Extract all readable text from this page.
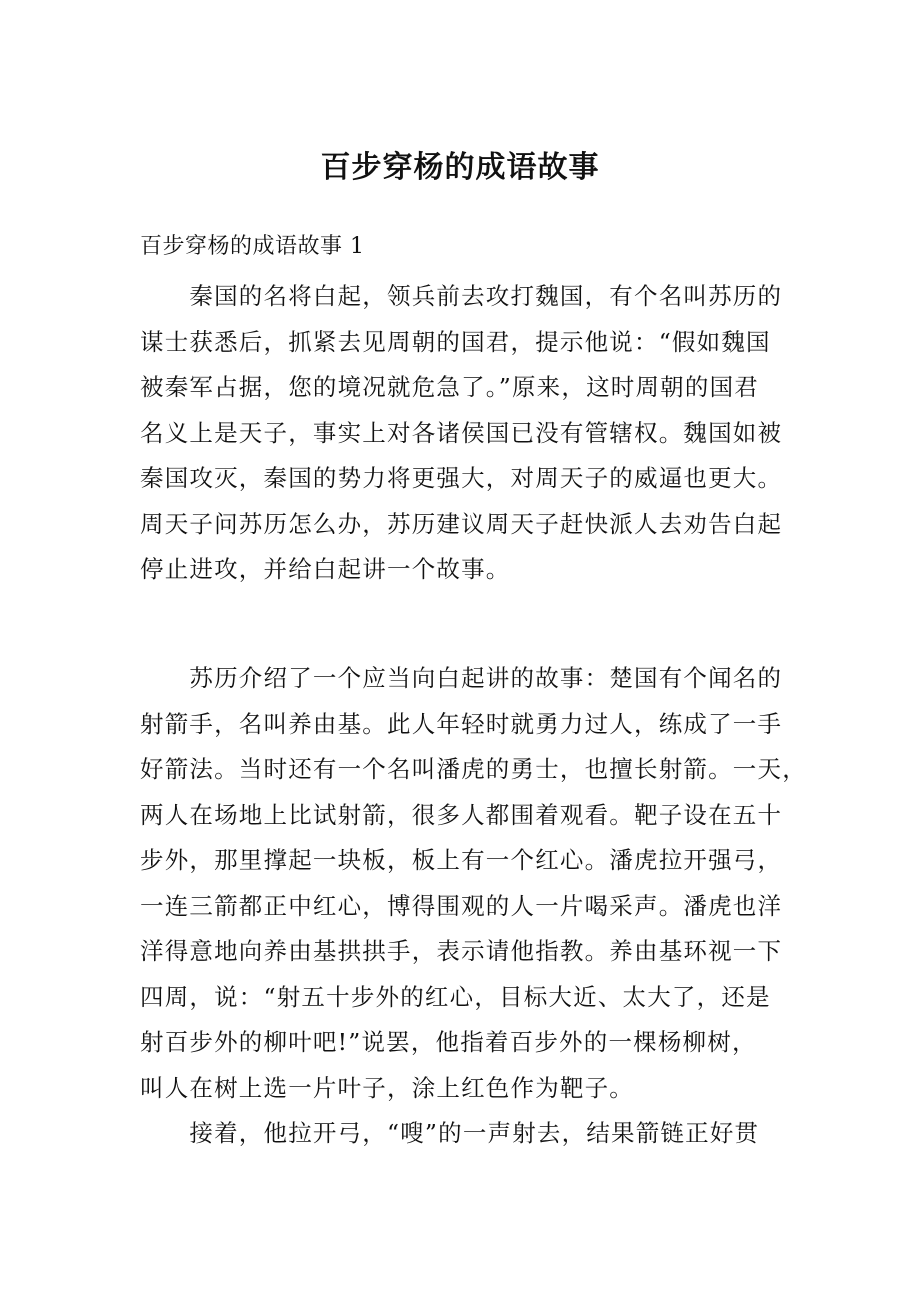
百步穿杨的成语故事
百步穿杨的成语故事 1
　　秦国的名将白起，领兵前去攻打魏国，有个名叫苏历的
谋士获悉后，抓紧去见周朝的国君，提示他说：“假如魏国
被秦军占据，您的境况就危急了。”原来，这时周朝的国君
名义上是天子，事实上对各诸侯国已没有管辖权。魏国如被
秦国攻灭，秦国的势力将更强大，对周天子的威逼也更大。
周天子问苏历怎么办，苏历建议周天子赶快派人去劝告白起
停止进攻，并给白起讲一个故事。
　　苏历介绍了一个应当向白起讲的故事：楚国有个闻名的
射箭手，名叫养由基。此人年轻时就勇力过人，练成了一手
好箭法。当时还有一个名叫潘虎的勇士，也擅长射箭。一天，
两人在场地上比试射箭，很多人都围着观看。靶子设在五十
步外，那里撑起一块板，板上有一个红心。潘虎拉开强弓，
一连三箭都正中红心，博得围观的人一片喝采声。潘虎也洋
洋得意地向养由基拱拱手，表示请他指教。养由基环视一下
四周，说：“射五十步外的红心，目标大近、太大了，还是
射百步外的柳叶吧!”说罢，他指着百步外的一棵杨柳树，
叫人在树上选一片叶子，涂上红色作为靶子。
　　接着，他拉开弓，“嗖”的一声射去，结果箭链正好贯
